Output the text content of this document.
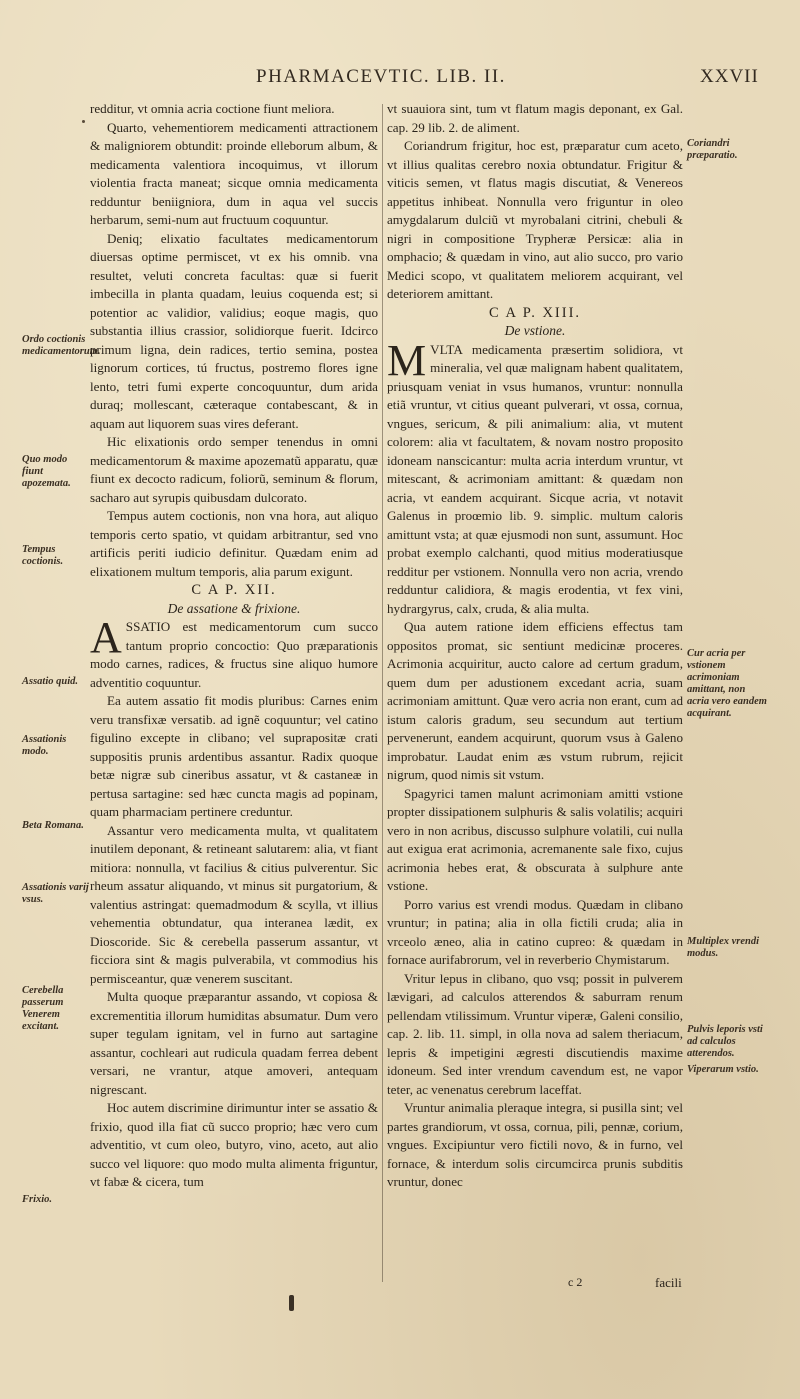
PHARMACEVTIC. LIB. II.	XXVII

redditur, vt omnia acria coctione fiunt meliora.

Quarto, vehementiorem medicamenti attractionem & maligniorem obtundit: proinde elleborum album, & medicamenta valentiora incoquimus, vt illorum violentia fracta maneat; sicque omnia medicamenta redduntur beniigniora, dum in aqua vel succis herbarum, semi-num aut fructuum coquuntur.

Deniq; elixatio facultates medicamentorum diuersas optime permiscet, vt ex his omnib. vna resultet, veluti concreta facultas: quæ si fuerit imbecilla in planta quadam, leuius coquenda est; si potentior ac validior, validius; eoque magis, quo substantia illius crassior, solidiorque fuerit. Idcirco primum ligna, dein radices, tertio semina, postea lignorum cortices, tú fructus, postremo flores igne lento, tetri fumi experte concoquuntur, dum arida duraq; mollescant, cæteraque contabescant, & in aquam aut liquorem suas vires deferant.

Hic elixationis ordo semper tenendus in omni medicamentorum & maxime apozematũ apparatu, quæ fiunt ex decocto radicum, foliorũ, seminum & florum, sacharo aut syrupis quibusdam dulcorato.

Tempus autem coctionis, non vna hora, aut aliquo temporis certo spatio, vt quidam arbitrantur, sed vno artificis periti iudicio definitur. Quædam enim ad elixationem multum temporis, alia parum exigunt.

C A P. XII.

De assatione & frixione.

ASSATIO est medicamentorum cum succo tantum proprio concoctio: Quo præparationis modo carnes, radices, & fructus sine aliquo humore adventitio coquuntur.

Ea autem assatio fit modis pluribus: Carnes enim veru transfixæ versatib. ad ignẽ coquuntur; vel catino figulino excepte in clibano; vel suprapositæ crati suppositis prunis ardentibus assantur. Radix quoque betæ nigræ sub cineribus assatur, vt & castaneæ in pertusa sartagine: sed hæc cuncta magis ad popinam, quam pharmaciam pertinere creduntur.

Assantur vero medicamenta multa, vt qualitatem inutilem deponant, & retineant salutarem: alia, vt fiant mitiora: nonnulla, vt facilius & citius pulverentur. Sic rheum assatur aliquando, vt minus sit purgatorium, & valentius astringat: quemadmodum & scylla, vt illius vehementia obtundatur, qua interanea lædit, ex Dioscoride. Sic & cerebella passerum assantur, vt ficciora sint & magis pulverabila, vt commodius his permisceantur, quæ venerem suscitant.

Multa quoque præparantur assando, vt copiosa & excrementitia illorum humiditas absumatur. Dum vero super tegulam ignitam, vel in furno aut sartagine assantur, cochleari aut rudicula quadam ferrea debent versari, ne vrantur, atque amoveri, antequam nigrescant.

Hoc autem discrimine dirimuntur inter se assatio & frixio, quod illa fiat cũ succo proprio; hæc vero cum adventitio, vt cum oleo, butyro, vino, aceto, aut alio succo vel liquore: quo modo multa alimenta friguntur, vt fabæ & cicera, tum

vt suauiora sint, tum vt flatum magis deponant, ex Gal. cap. 29 lib. 2. de aliment.

Coriandrum frigitur, hoc est, præparatur cum aceto, vt illius qualitas cerebro noxia obtundatur. Frigitur & viticis semen, vt flatus magis discutiat, & Venereos appetitus inhibeat. Nonnulla vero friguntur in oleo amygdalarum dulciũ vt myrobalani citrini, chebuli & nigri in compositione Trypheræ Persicæ: alia in omphacio; & quædam in vino, aut alio succo, pro vario Medici scopo, vt qualitatem meliorem acquirant, vel deteriorem amittant.

C A P. XIII.

De vstione.

MVLTA medicamenta præsertim solidiora, vt mineralia, vel quæ malignam habent qualitatem, priusquam veniat in vsus humanos, vruntur: nonnulla etiã vruntur, vt citius queant pulverari, vt ossa, cornua, vngues, sericum, & pili animalium: alia, vt mutent colorem: alia vt facultatem, & novam nostro proposito idoneam nanscicantur: multa acria interdum vruntur, vt mitescant, & acrimoniam amittant: & quædam non acria, vt eandem acquirant. Sicque acria, vt notavit Galenus in proœmio lib. 9. simplic. multum caloris amittunt vsta; at quæ ejusmodi non sunt, assumunt. Hoc probat exemplo calchanti, quod mitius moderatiusque redditur per vstionem. Nonnulla vero non acria, vrendo redduntur calidiora, & magis erodentia, vt fex vini, hydrargyrus, calx, cruda, & alia multa.

Qua autem ratione idem efficiens effectus tam oppositos promat, sic sentiunt medicinæ proceres. Acrimonia acquiritur, aucto calore ad certum gradum, quem dum per adustionem excedant acria, suam acrimoniam amittunt. Quæ vero acria non erant, cum ad istum caloris gradum, seu secundum aut tertium pervenerunt, eandem acquirunt, quorum vsus à Galeno improbatur. Laudat enim æs vstum rubrum, rejicit nigrum, quod nimis sit vstum.

Spagyrici tamen malunt acrimoniam amitti vstione propter dissipationem sulphuris & salis volatilis; acquiri vero in non acribus, discusso sulphure volatili, cui nulla aut exigua erat acrimonia, acremanente sale fixo, cujus acrimonia hebes erat, & obscurata à sulphure ante vstione.

Porro varius est vrendi modus. Quædam in clibano vruntur; in patina; alia in olla fictili cruda; alia in vrceolo æneo, alia in catino cupreo: & quædam in fornace aurifabrorum, vel in reverberio Chymistarum.

Vritur lepus in clibano, quo vsq; possit in pulverem lævigari, ad calculos atterendos & saburram renum pellendam vtilissimum. Vruntur viperæ, Galeni consilio, cap. 2. lib. 11. simpl, in olla nova ad salem theriacum, lepris & impetigini ægresti discutiendis maxime idoneum. Sed inter vrendum cavendum est, ne vapor teter, ac venenatus cerebrum laceffat.

Vruntur animalia pleraque integra, si pusilla sint; vel partes grandiorum, vt ossa, cornua, pili, pennæ, corium, vngues. Excipiuntur vero fictili novo, & in furno, vel fornace, & interdum solis circumcirca prunis subditis vruntur, donec

Ordo coctionis medicamentorum.
Quo modo fiunt apozemata.
Tempus coctionis.
Assatio quid.
Assationis modo.
Beta Romana.
Assationis varij vsus.
Cerebella passerum Venerem excitant.
Frixio.
Coriandri præparatio.
Cur acria per vstionem acrimoniam amittant, non acria vero eandem acquirant.
Multiplex vrendi modus.
Pulvis leporis vsti ad calculos atterendos.
Viperarum vstio.
c 2	facili
